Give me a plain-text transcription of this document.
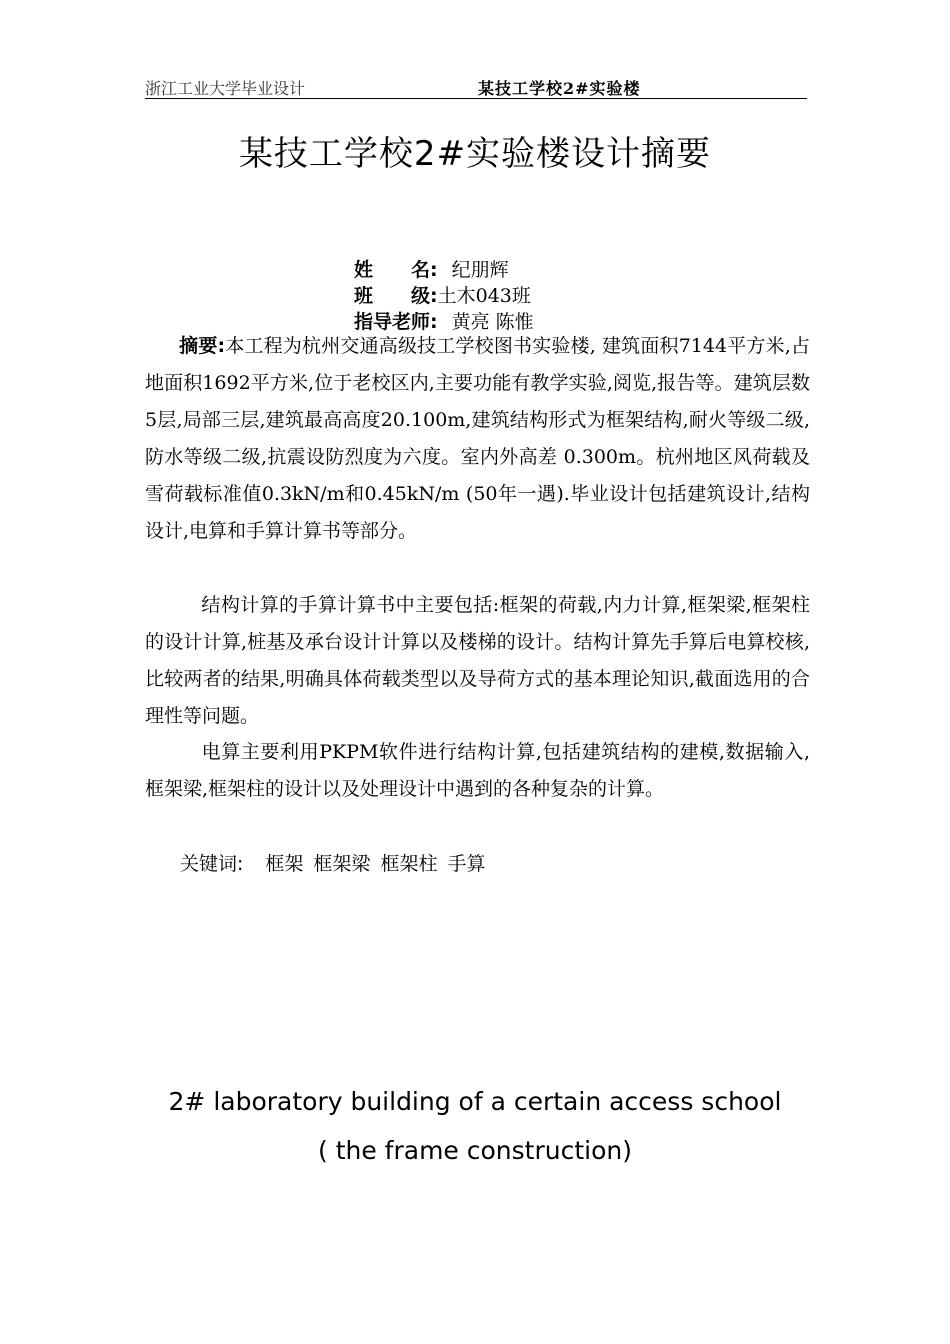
浙江工业大学毕业设计	某技工学校2#实验楼
某技工学校2#实验楼设计摘要
姓　　名: 纪朋辉
班　　级:土木043班
指导老师: 黄亮 陈惟
摘要:本工程为杭州交通高级技工学校图书实验楼, 建筑面积7144平方米,占地面积1692平方米,位于老校区内,主要功能有教学实验,阅览,报告等。建筑层数5层,局部三层,建筑最高高度20.100m,建筑结构形式为框架结构,耐火等级二级,防水等级二级,抗震设防烈度为六度。室内外高差 0.300m。杭州地区风荷载及雪荷载标准值0.3kN/m和0.45kN/m (50年一遇).毕业设计包括建筑设计,结构设计,电算和手算计算书等部分。
结构计算的手算计算书中主要包括:框架的荷载,内力计算,框架梁,框架柱的设计计算,桩基及承台设计计算以及楼梯的设计。结构计算先手算后电算校核,比较两者的结果,明确具体荷载类型以及导荷方式的基本理论知识,截面选用的合理性等问题。
电算主要利用PKPM软件进行结构计算,包括建筑结构的建模,数据输入,框架梁,框架柱的设计以及处理设计中遇到的各种复杂的计算。
关键词: 框架 框架梁 框架柱 手算
2# laboratory building of a certain access school
( the frame construction)
